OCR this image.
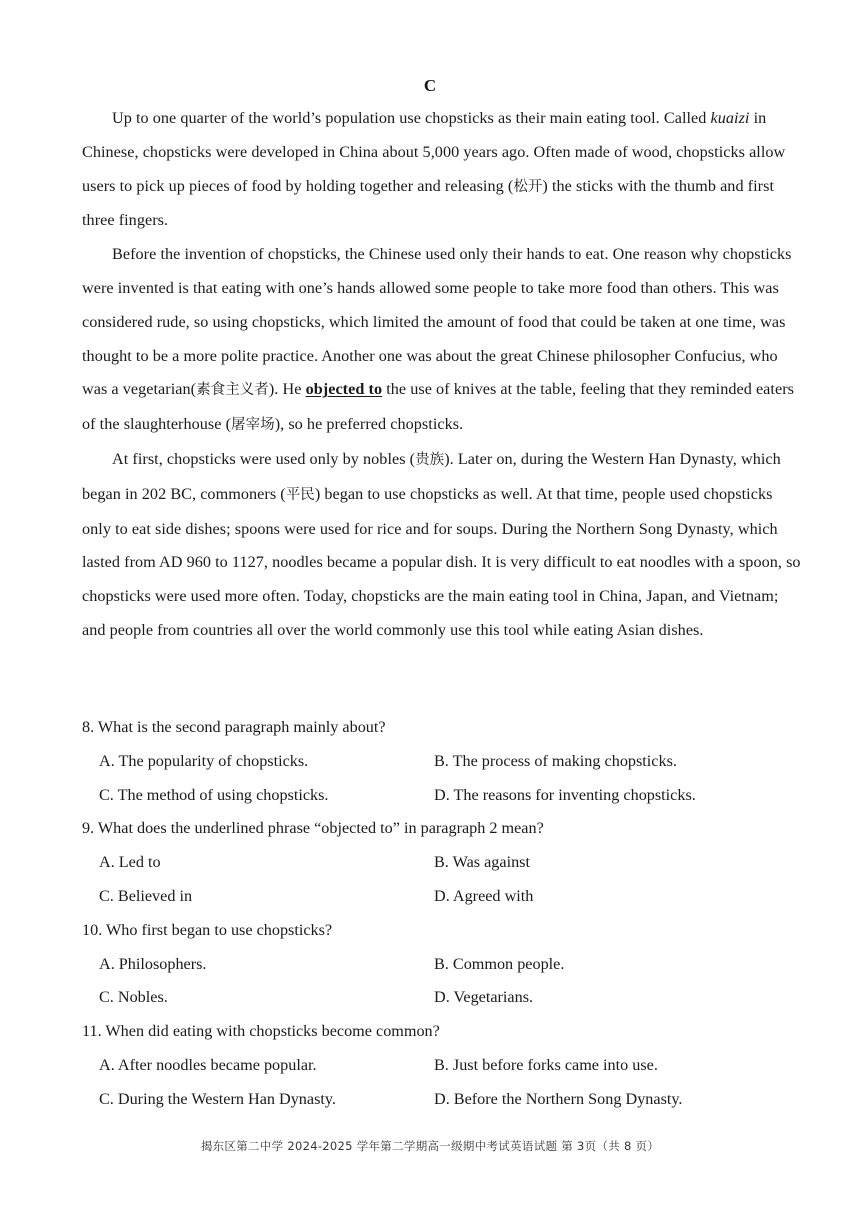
C

Up to one quarter of the world’s population use chopsticks as their main eating tool. Called kuaizi in Chinese, chopsticks were developed in China about 5,000 years ago. Often made of wood, chopsticks allow users to pick up pieces of food by holding together and releasing (松开) the sticks with the thumb and first three fingers.

Before the invention of chopsticks, the Chinese used only their hands to eat. One reason why chopsticks were invented is that eating with one’s hands allowed some people to take more food than others. This was considered rude, so using chopsticks, which limited the amount of food that could be taken at one time, was thought to be a more polite practice. Another one was about the great Chinese philosopher Confucius, who was a vegetarian(素食主义者). He objected to the use of knives at the table, feeling that they reminded eaters of the slaughterhouse (屠宰场), so he preferred chopsticks.

At first, chopsticks were used only by nobles (贵族). Later on, during the Western Han Dynasty, which began in 202 BC, commoners (平民) began to use chopsticks as well. At that time, people used chopsticks only to eat side dishes; spoons were used for rice and for soups. During the Northern Song Dynasty, which lasted from AD 960 to 1127, noodles became a popular dish. It is very difficult to eat noodles with a spoon, so chopsticks were used more often. Today, chopsticks are the main eating tool in China, Japan, and Vietnam; and people from countries all over the world commonly use this tool while eating Asian dishes.

8. What is the second paragraph mainly about?

A. The popularity of chopsticks.	B. The process of making chopsticks.
C. The method of using chopsticks.	D. The reasons for inventing chopsticks.

9. What does the underlined phrase “objected to” in paragraph 2 mean?

A. Led to	B. Was against
C. Believed in	D. Agreed with

10. Who first began to use chopsticks?

A. Philosophers.	B. Common people.
C. Nobles.	D. Vegetarians.

11. When did eating with chopsticks become common?

A. After noodles became popular.	B. Just before forks came into use.
C. During the Western Han Dynasty.	D. Before the Northern Song Dynasty.
揭东区第二中学 2024-2025 学年第二学期高一级期中考试英语试题 第 3页（共 8 页）
